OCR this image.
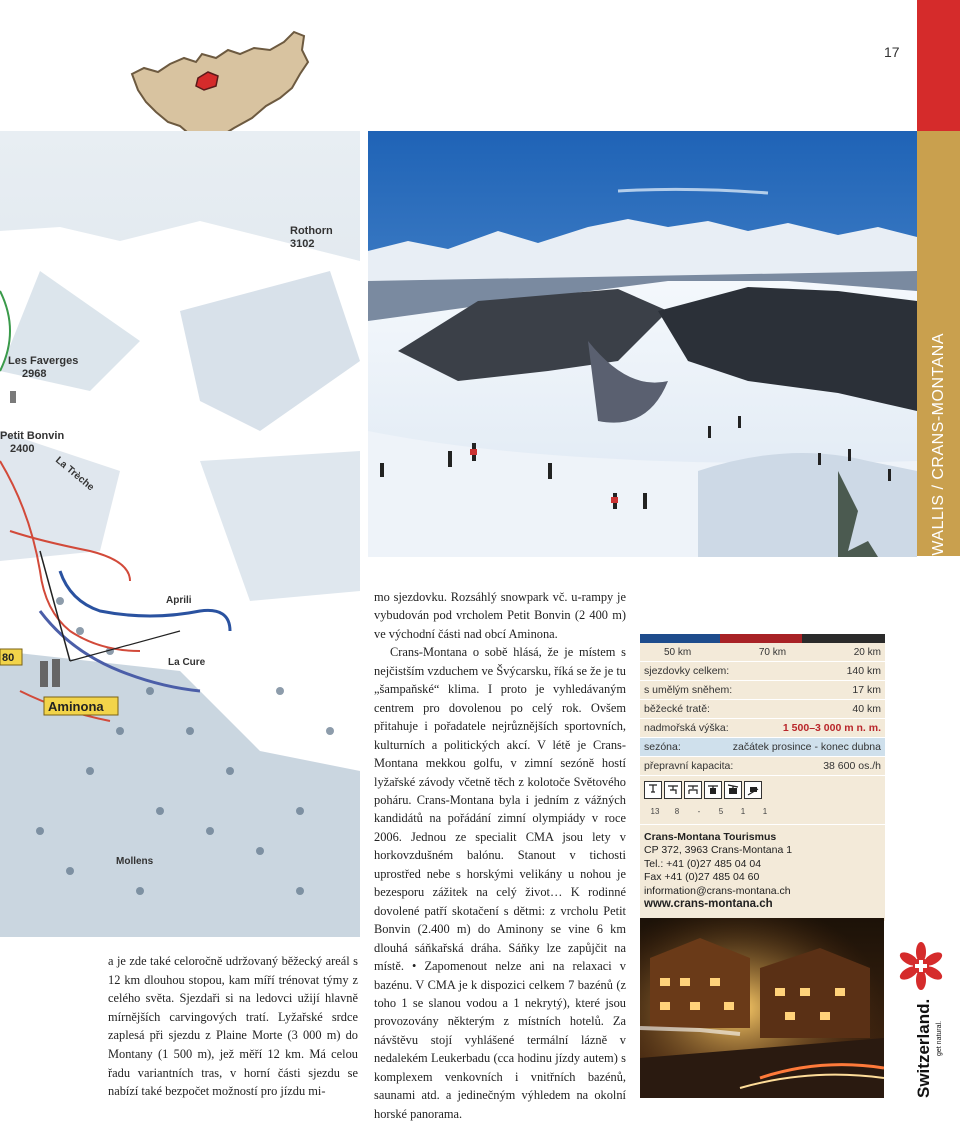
WALLIS / CRANS-MONTANA
17
Rothorn
3102
Les Faverges
2968
Petit Bonvin
2400
La Trèche
Aprili
La Cure
Aminona
80
Mollens
a je zde také celoročně udržovaný běžecký areál s 12 km dlouhou stopou, kam míří trénovat týmy z celého světa. Sjezdaři si na ledovci užijí hlavně mírnějších carvingových tratí. Lyžařské srdce zaplesá při sjezdu z Plaine Morte (3 000 m) do Montany (1 500 m), jež měří 12 km. Má celou řadu variantních tras, v horní části sjezdu se nabízí také bezpočet možností pro jízdu mi-

mo sjezdovku. Rozsáhlý snowpark vč. u-rampy je vybudován pod vrcholem Petit Bonvin (2 400 m) ve východní části nad obcí Aminona.

Crans-Montana o sobě hlásá, že je místem s nejčistším vzduchem ve Švýcarsku, říká se že je tu „šampaňské“ klima. I proto je vyhledávaným centrem pro dovolenou po celý rok. Ovšem přitahuje i pořadatele nejrůznějších sportovních, kulturních a politických akcí. V létě je Crans-Montana mekkou golfu, v zimní sezóně hostí lyžařské závody včetně těch z kolotoče Světového poháru. Crans-Montana byla i jedním z vážných kandidátů na pořádání zimní olympiády v roce 2006. Jednou ze specialit CMA jsou lety v horkovzdušném balónu. Stanout v tichosti uprostřed nebe s horskými velikány u nohou je bezesporu zážitek na celý život… K rodinné dovolené patří skotačení s dětmi: z vrcholu Petit Bonvin (2.400 m) do Aminony se vine 6 km dlouhá sáňkařská dráha. Sáňky lze zapůjčit na místě. • Zapomenout nelze ani na relaxaci v bazénu. V CMA je k dispozici celkem 7 bazénů (z toho 1 se slanou vodou a 1 nekrytý), které jsou provozovány některým z místních hotelů. Za návštěvu stojí vyhlášené termální lázně v nedalekém Leukerbadu (cca hodinu jízdy autem) s komplexem venkovních i vnitřních bazénů, saunami atd. a jedinečným výhledem na okolní horské panorama.

50 km	70 km	20 km
sjezdovky celkem:	140 km
s umělým sněhem:	17 km
běžecké tratě:	40 km
nadmořská výška:	1 500–3 000 m n. m.
sezóna:	začátek prosince - konec dubna
přepravní kapacita:	38 600 os./h
13	8	-	5	1	1
Crans-Montana Tourismus
CP 372, 3963 Crans-Montana 1
Tel.: +41 (0)27 485 04 04
Fax +41 (0)27 485 04 60
information@crans-montana.ch
www.crans-montana.ch
Switzerland. get natural.
